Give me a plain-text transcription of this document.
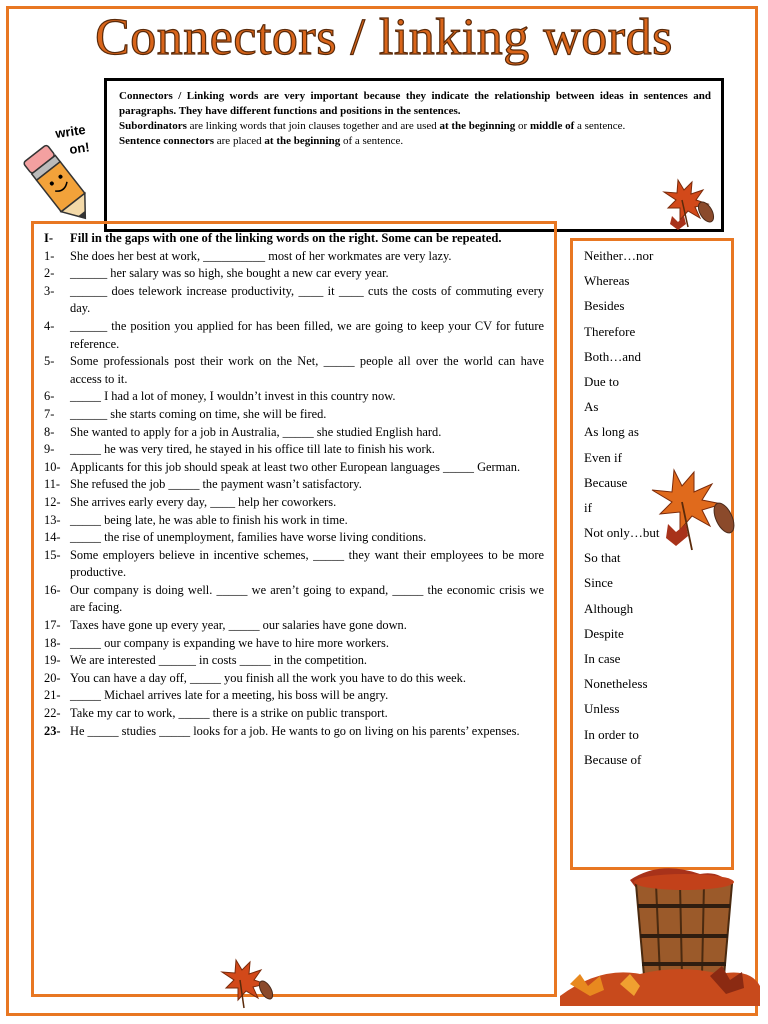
Connectors / linking words
write
on!

Connectors / Linking words are very important because they indicate the relationship between ideas in sentences and paragraphs. They have different functions and positions in the sentences.

Subordinators are linking words that join clauses together and are used at the beginning or middle of a sentence.

Sentence connectors are placed at the beginning of a sentence.

I-	Fill in the gaps with one of the linking words on the right. Some can be repeated.
1-	She does her best at work, __________ most of her workmates are very lazy.
2-	______ her salary was so high, she bought a new car every year.
3-	______ does telework increase productivity, ____ it ____ cuts the costs of commuting every day.
4-	______ the position you applied for has been filled, we are going to keep your CV for future reference.
5-	Some professionals post their work on the Net, _____ people all over the world can have access to it.
6-	_____ I had a lot of money, I wouldn’t invest in this country now.
7-	______ she starts coming on time, she will be fired.
8-	She wanted to apply for a job in Australia, _____ she studied English hard.
9-	_____ he was very tired, he stayed in his office till late to finish his work.
10- Applicants for this job should speak at least two other European languages _____ German.
11- She refused the job _____ the payment wasn’t satisfactory.
12- She arrives early every day, ____ help her coworkers.
13- _____ being late, he was able to finish his work in time.
14- _____ the rise of unemployment, families have worse living conditions.
15- Some employers believe in incentive schemes, _____ they want their employees to be more productive.
16- Our company is doing well. _____ we aren’t going to expand, _____ the economic crisis we are facing.
17- Taxes have gone up every year, _____ our salaries have gone down.
18- _____ our company is expanding we have to hire more workers.
19- We are interested ______ in costs _____ in the competition.
20- You can have a day off, _____ you finish all the work you have to do this week.
21- _____ Michael arrives late for a meeting, his boss will be angry.
22- Take my car to work, _____ there is a strike on public transport.
23- He _____ studies _____ looks for a job. He wants to go on living on his parents’ expenses.
Neither…nor
Whereas
Besides
Therefore
Both…and
Due to
As
As long as
Even if
Because
if
Not only…but
So that
Since
Although
Despite
In case
Nonetheless
Unless
In order to
Because of
